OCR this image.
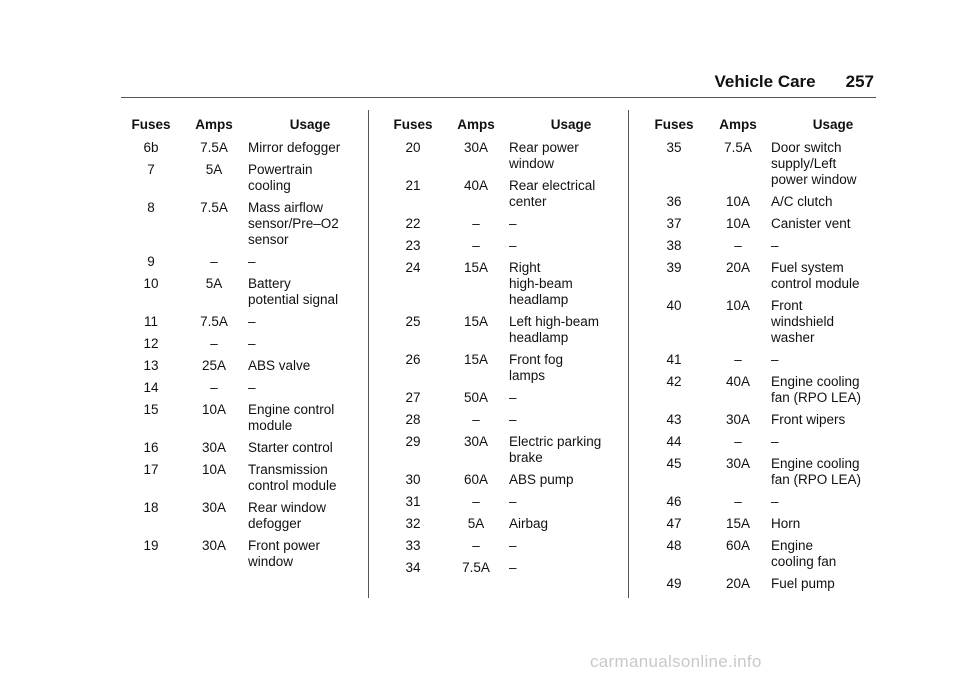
Vehicle Care 257
Fuses	Amps	Usage
6b	7.5A	Mirror defogger
7	5A	Powertrain
cooling
8	7.5A	Mass airflow
sensor/Pre–O2
sensor
9	–	–
10	5A	Battery
potential signal
11	7.5A	–
12	–	–
13	25A	ABS valve
14	–	–
15	10A	Engine control
module
16	30A	Starter control
17	10A	Transmission
control module
18	30A	Rear window
defogger
19	30A	Front power
window
Fuses	Amps	Usage
20	30A	Rear power
window
21	40A	Rear electrical
center
22	–	–
23	–	–
24	15A	Right
high-beam
headlamp
25	15A	Left high-beam
headlamp
26	15A	Front fog
lamps
27	50A	–
28	–	–
29	30A	Electric parking
brake
30	60A	ABS pump
31	–	–
32	5A	Airbag
33	–	–
34	7.5A	–
Fuses	Amps	Usage
35	7.5A	Door switch
supply/Left
power window
36	10A	A/C clutch
37	10A	Canister vent
38	–	–
39	20A	Fuel system
control module
40	10A	Front
windshield
washer
41	–	–
42	40A	Engine cooling
fan (RPO LEA)
43	30A	Front wipers
44	–	–
45	30A	Engine cooling
fan (RPO LEA)
46	–	–
47	15A	Horn
48	60A	Engine
cooling fan
49	20A	Fuel pump
carmanualsonline.info
